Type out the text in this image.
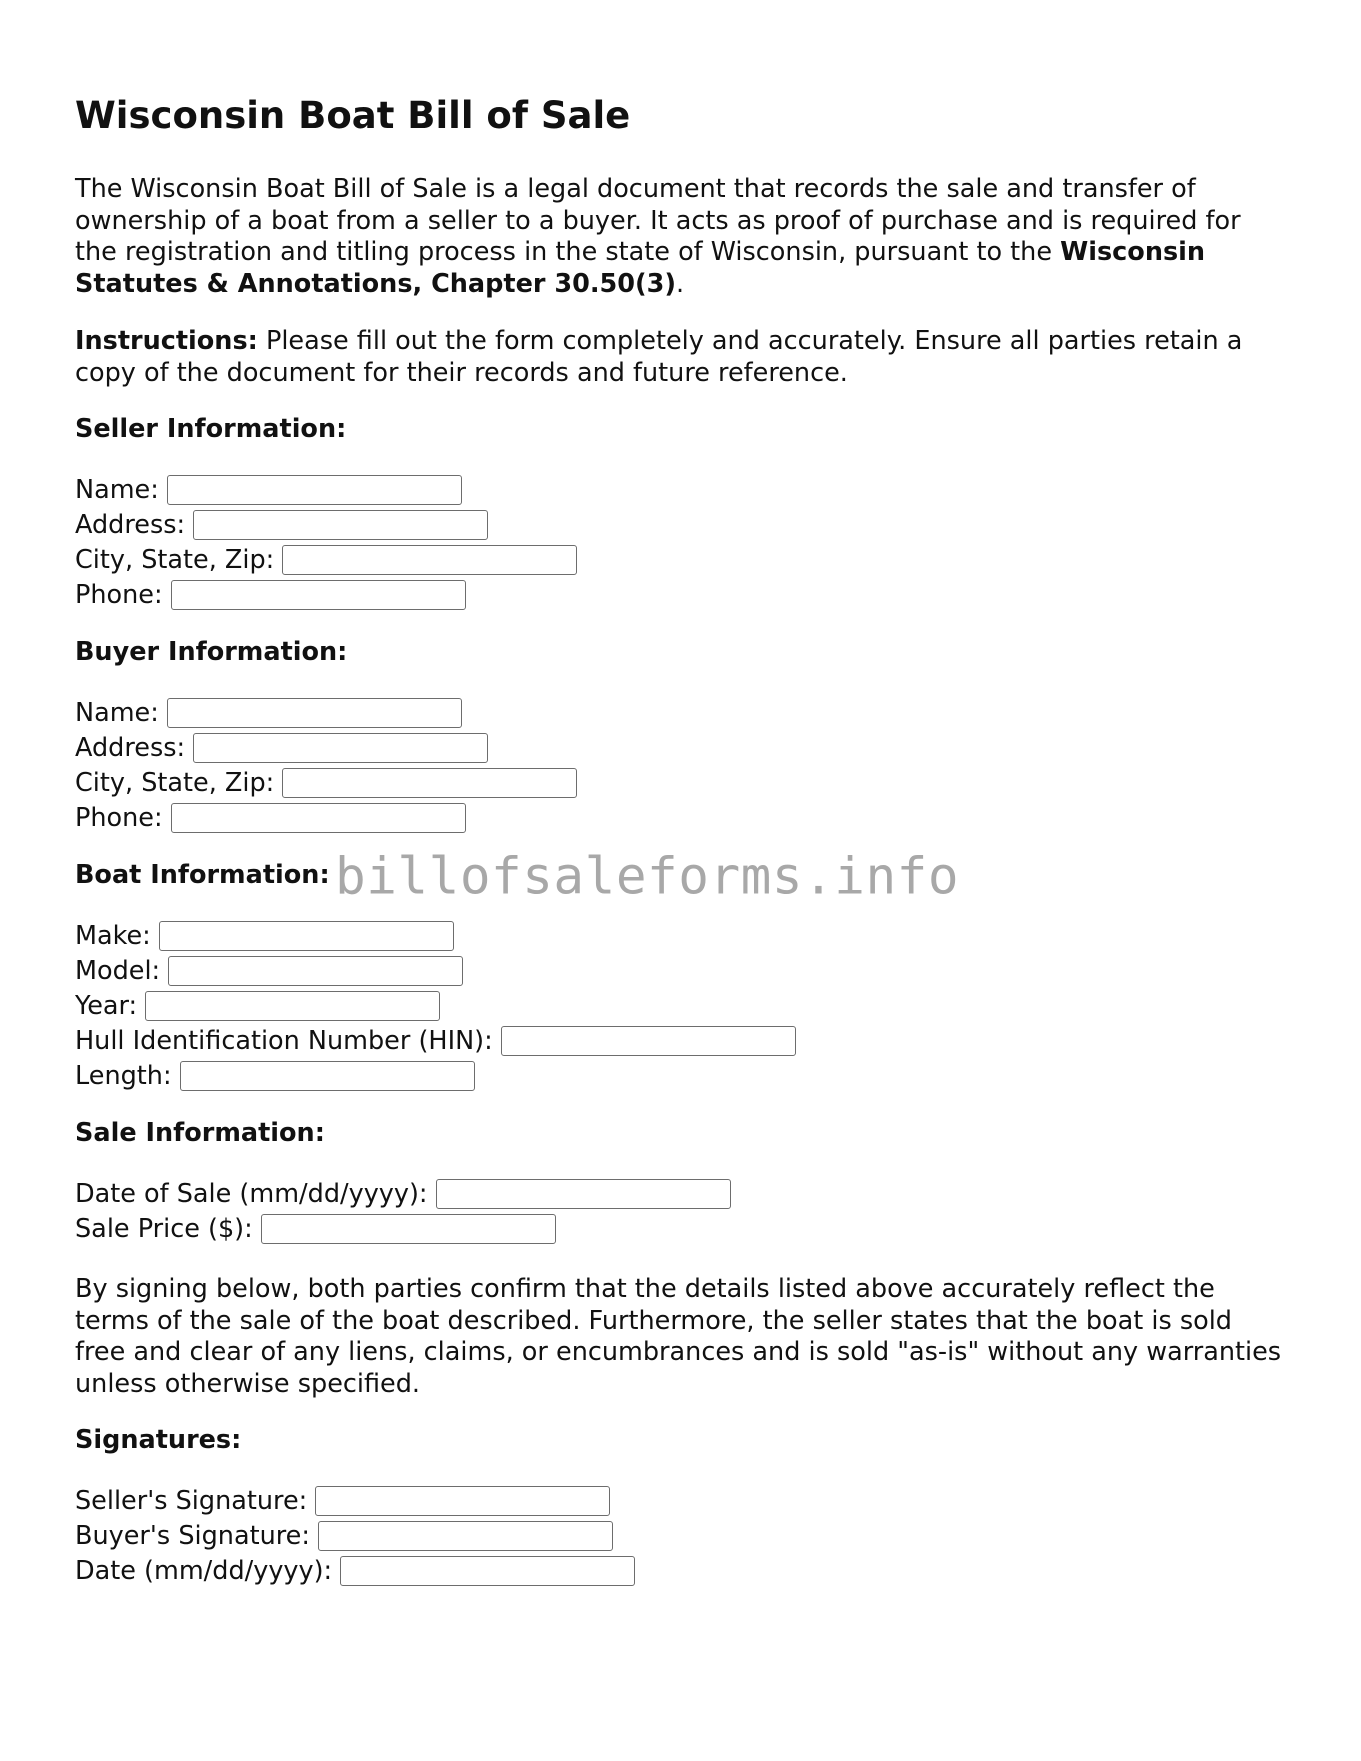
Wisconsin Boat Bill of Sale

The Wisconsin Boat Bill of Sale is a legal document that records the sale and transfer of ownership of a boat from a seller to a buyer. It acts as proof of purchase and is required for the registration and titling process in the state of Wisconsin, pursuant to the Wisconsin Statutes & Annotations, Chapter 30.50(3).

Instructions: Please fill out the form completely and accurately. Ensure all parties retain a copy of the document for their records and future reference.

Seller Information:
Name:
Address:
City, State, Zip:
Phone:
Buyer Information:
Name:
Address:
City, State, Zip:
Phone:
Boat Information: billofsaleforms.info
Make:
Model:
Year:
Hull Identification Number (HIN):
Length:
Sale Information:
Date of Sale (mm/dd/yyyy):
Sale Price ($):

By signing below, both parties confirm that the details listed above accurately reflect the terms of the sale of the boat described. Furthermore, the seller states that the boat is sold free and clear of any liens, claims, or encumbrances and is sold "as-is" without any warranties unless otherwise specified.

Signatures:
Seller's Signature:
Buyer's Signature:
Date (mm/dd/yyyy):
